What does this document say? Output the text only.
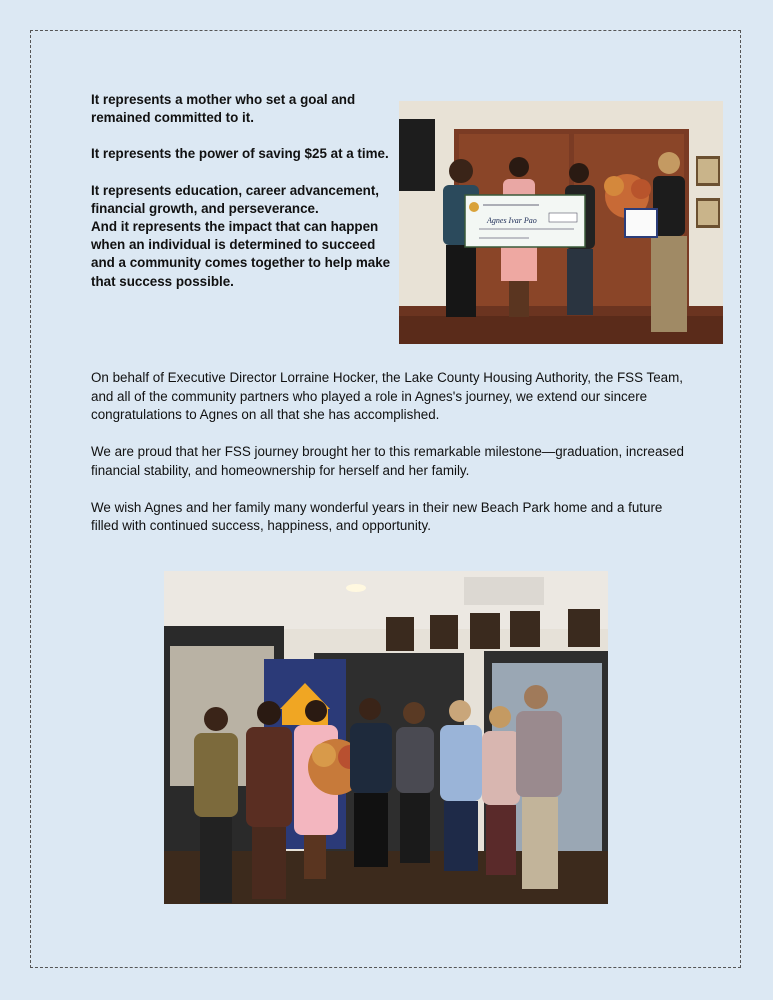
It represents a mother who set a goal and remained committed to it.

It represents the power of saving $25 at a time.

It represents education, career advancement, financial growth, and perseverance.

And it represents the impact that can happen when an individual is determined to succeed and a community comes together to help make that success possible.

Agnes Ivar Pao

On behalf of Executive Director Lorraine Hocker, the Lake County Housing Authority, the FSS Team, and all of the community partners who played a role in Agnes's journey, we extend our sincere congratulations to Agnes on all that she has accomplished.

We are proud that her FSS journey brought her to this remarkable milestone—graduation, increased financial stability, and homeownership for herself and her family.

We wish Agnes and her family many wonderful years in their new Beach Park home and a future filled with continued success, happiness, and opportunity.
